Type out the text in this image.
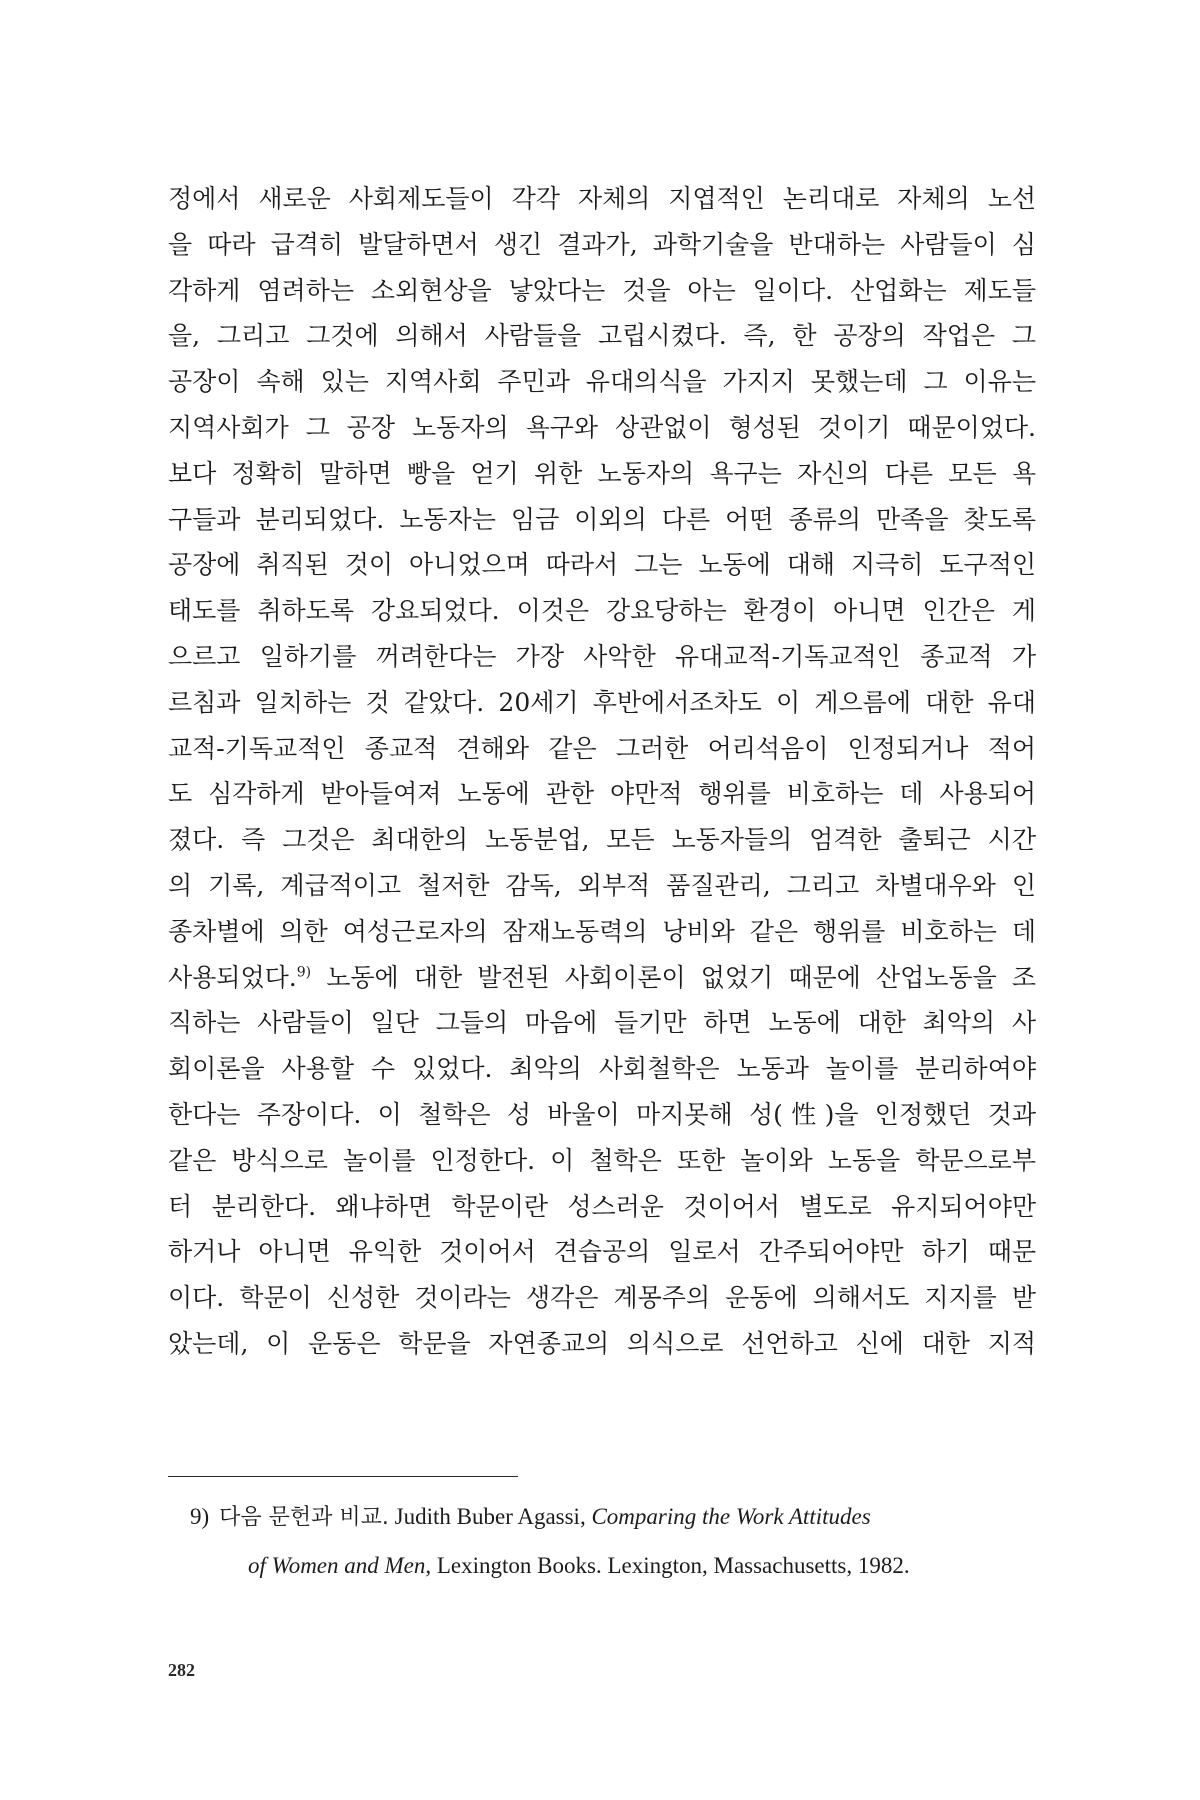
정에서 새로운 사회제도들이 각각 자체의 지엽적인 논리대로 자체의 노선
을 따라 급격히 발달하면서 생긴 결과가, 과학기술을 반대하는 사람들이 심
각하게 염려하는 소외현상을 낳았다는 것을 아는 일이다. 산업화는 제도들
을, 그리고 그것에 의해서 사람들을 고립시켰다. 즉, 한 공장의 작업은 그
공장이 속해 있는 지역사회 주민과 유대의식을 가지지 못했는데 그 이유는
지역사회가 그 공장 노동자의 욕구와 상관없이 형성된 것이기 때문이었다.
보다 정확히 말하면 빵을 얻기 위한 노동자의 욕구는 자신의 다른 모든 욕
구들과 분리되었다. 노동자는 임금 이외의 다른 어떤 종류의 만족을 찾도록
공장에 취직된 것이 아니었으며 따라서 그는 노동에 대해 지극히 도구적인
태도를 취하도록 강요되었다. 이것은 강요당하는 환경이 아니면 인간은 게
으르고 일하기를 꺼려한다는 가장 사악한 유대교적-기독교적인 종교적 가
르침과 일치하는 것 같았다. 20세기 후반에서조차도 이 게으름에 대한 유대
교적-기독교적인 종교적 견해와 같은 그러한 어리석음이 인정되거나 적어
도 심각하게 받아들여져 노동에 관한 야만적 행위를 비호하는 데 사용되어
졌다. 즉 그것은 최대한의 노동분업, 모든 노동자들의 엄격한 출퇴근 시간
의 기록, 계급적이고 철저한 감독, 외부적 품질관리, 그리고 차별대우와 인
종차별에 의한 여성근로자의 잠재노동력의 낭비와 같은 행위를 비호하는 데
사용되었다.$^{9)}$ 노동에 대한 발전된 사회이론이 없었기 때문에 산업노동을 조
직하는 사람들이 일단 그들의 마음에 들기만 하면 노동에 대한 최악의 사
회이론을 사용할 수 있었다. 최악의 사회철학은 노동과 놀이를 분리하여야
한다는 주장이다. 이 철학은 성 바울이 마지못해 성(性)을 인정했던 것과
같은 방식으로 놀이를 인정한다. 이 철학은 또한 놀이와 노동을 학문으로부
터 분리한다. 왜냐하면 학문이란 성스러운 것이어서 별도로 유지되어야만
하거나 아니면 유익한 것이어서 견습공의 일로서 간주되어야만 하기 때문
이다. 학문이 신성한 것이라는 생각은 계몽주의 운동에 의해서도 지지를 받
았는데, 이 운동은 학문을 자연종교의 의식으로 선언하고 신에 대한 지적
9) 다음 문헌과 비교. Judith Buber Agassi, Comparing the Work Attitudes
of Women and Men, Lexington Books. Lexington, Massachusetts, 1982.
282
